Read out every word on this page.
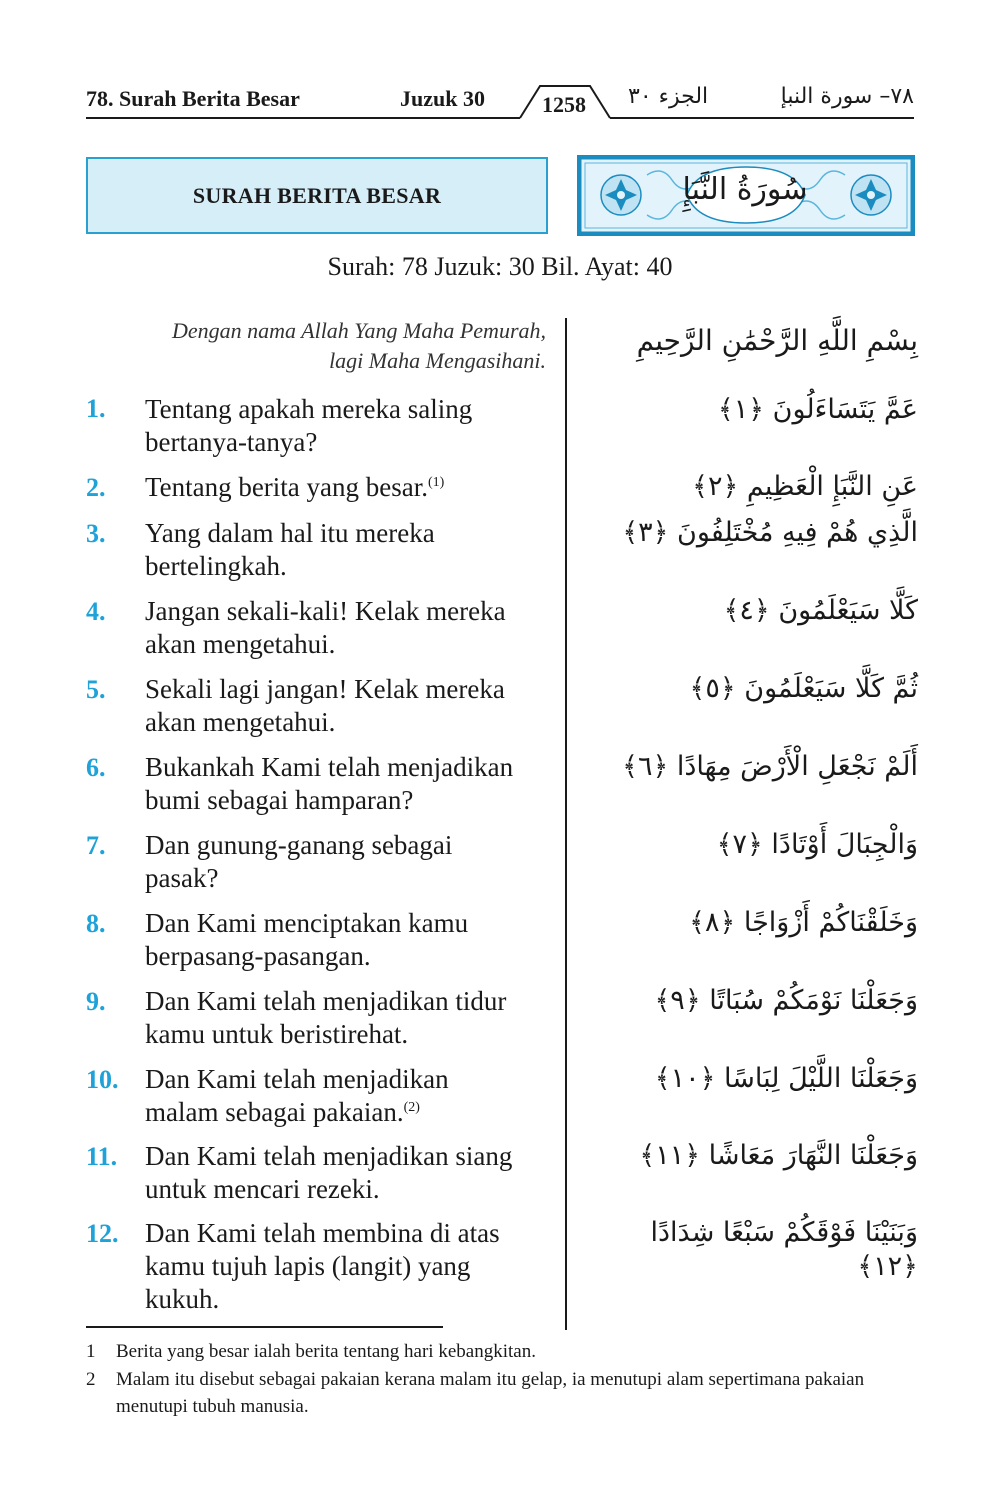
78. Surah Berita Besar	Juzuk 30	1258	الجزء ٣٠	٧٨– سورة النبإ
SURAH BERITA BESAR	سُورَةُ النَّبَإِ
Surah: 78 Juzuk: 30 Bil. Ayat: 40
Dengan nama Allah Yang Maha Pemurah,
lagi Maha Mengasihani.
بِسْمِ اللَّهِ الرَّحْمَٰنِ الرَّحِيمِ
1. Tentang apakah mereka saling
bertanya-tanya?
عَمَّ يَتَسَاءَلُونَ ﴿١﴾
2. Tentang berita yang besar.$^{(1)}$	عَنِ النَّبَإِ الْعَظِيمِ ﴿٢﴾
3. Yang dalam hal itu mereka
bertelingkah.
الَّذِي هُمْ فِيهِ مُخْتَلِفُونَ ﴿٣﴾
4. Jangan sekali-kali! Kelak mereka
akan mengetahui.
كَلَّا سَيَعْلَمُونَ ﴿٤﴾
5. Sekali lagi jangan! Kelak mereka
akan mengetahui.
ثُمَّ كَلَّا سَيَعْلَمُونَ ﴿٥﴾
6. Bukankah Kami telah menjadikan
bumi sebagai hamparan?
أَلَمْ نَجْعَلِ الْأَرْضَ مِهَادًا ﴿٦﴾
7. Dan gunung-ganang sebagai
pasak?
وَالْجِبَالَ أَوْتَادًا ﴿٧﴾
8. Dan Kami menciptakan kamu
berpasang-pasangan.
وَخَلَقْنَاكُمْ أَزْوَاجًا ﴿٨﴾
9. Dan Kami telah menjadikan tidur
kamu untuk beristirehat.
وَجَعَلْنَا نَوْمَكُمْ سُبَاتًا ﴿٩﴾
10. Dan Kami telah menjadikan
malam sebagai pakaian.$^{(2)}$
وَجَعَلْنَا اللَّيْلَ لِبَاسًا ﴿١٠﴾
11. Dan Kami telah menjadikan siang
untuk mencari rezeki.
وَجَعَلْنَا النَّهَارَ مَعَاشًا ﴿١١﴾
12. Dan Kami telah membina di atas
kamu tujuh lapis (langit) yang
kukuh.
وَبَنَيْنَا فَوْقَكُمْ سَبْعًا شِدَادًا ﴿١٢﴾
1	Berita yang besar ialah berita tentang hari kebangkitan.
2	Malam itu disebut sebagai pakaian kerana malam itu gelap, ia menutupi alam sepertimana pakaian menutupi tubuh manusia.
